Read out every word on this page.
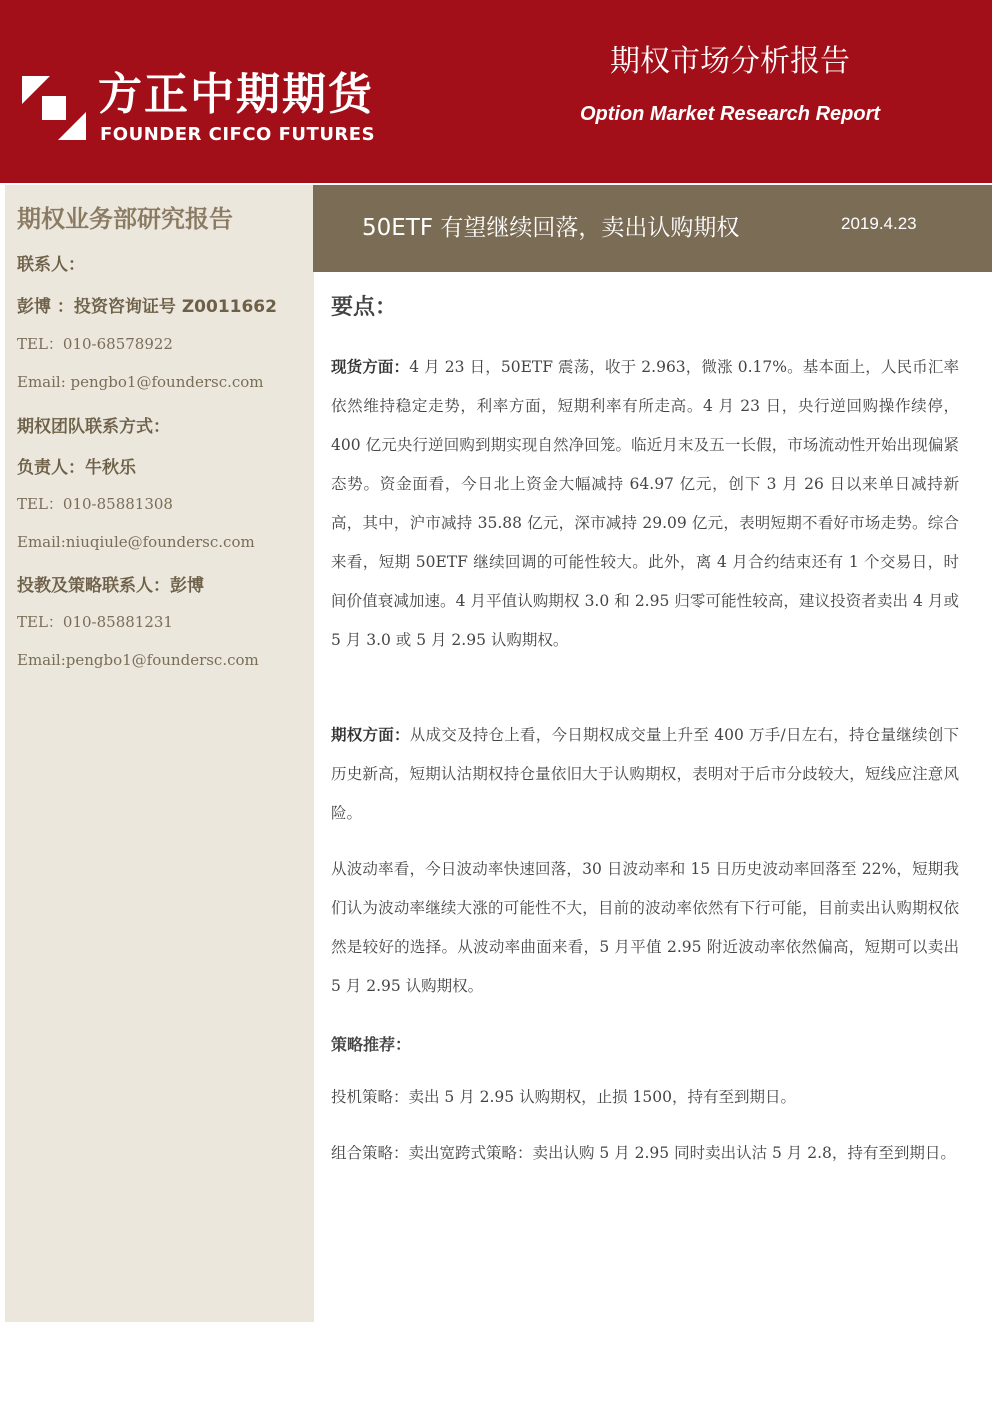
方正中期期货
FOUNDER CIFCO FUTURES
期权市场分析报告
Option Market Research Report
期权业务部研究报告
联系人：
彭博 ：投资咨询证号 Z0011662
TEL：010-68578922
Email: pengbo1@foundersc.com
期权团队联系方式：
负责人：牛秋乐
TEL：010-85881308
Email:niuqiule@foundersc.com
投教及策略联系人：彭博
TEL：010-85881231
Email:pengbo1@foundersc.com
50ETF 有望继续回落，卖出认购期权	2019.4.23
要点：
现货方面：4 月 23 日，50ETF 震荡，收于 2.963，微涨 0.17%。基本面上，人民币汇率依然维持稳定走势，利率方面，短期利率有所走高。4 月 23 日，央行逆回购操作续停，400 亿元央行逆回购到期实现自然净回笼。临近月末及五一长假，市场流动性开始出现偏紧态势。资金面看，今日北上资金大幅减持 64.97 亿元，创下 3 月 26 日以来单日减持新高，其中，沪市减持 35.88 亿元，深市减持 29.09 亿元，表明短期不看好市场走势。综合来看，短期 50ETF 继续回调的可能性较大。此外，离 4 月合约结束还有 1 个交易日，时间价值衰减加速。4 月平值认购期权 3.0 和 2.95 归零可能性较高，建议投资者卖出 4 月或 5 月 3.0 或 5 月 2.95 认购期权。
期权方面：从成交及持仓上看，今日期权成交量上升至 400 万手/日左右，持仓量继续创下历史新高，短期认沽期权持仓量依旧大于认购期权，表明对于后市分歧较大，短线应注意风险。
从波动率看，今日波动率快速回落，30 日波动率和 15 日历史波动率回落至 22%，短期我们认为波动率继续大涨的可能性不大，目前的波动率依然有下行可能，目前卖出认购期权依然是较好的选择。从波动率曲面来看，5 月平值 2.95 附近波动率依然偏高，短期可以卖出 5 月 2.95 认购期权。
策略推荐：
投机策略：卖出 5 月 2.95 认购期权，止损 1500，持有至到期日。
组合策略：卖出宽跨式策略：卖出认购 5 月 2.95 同时卖出认沽 5 月 2.8，持有至到期日。
